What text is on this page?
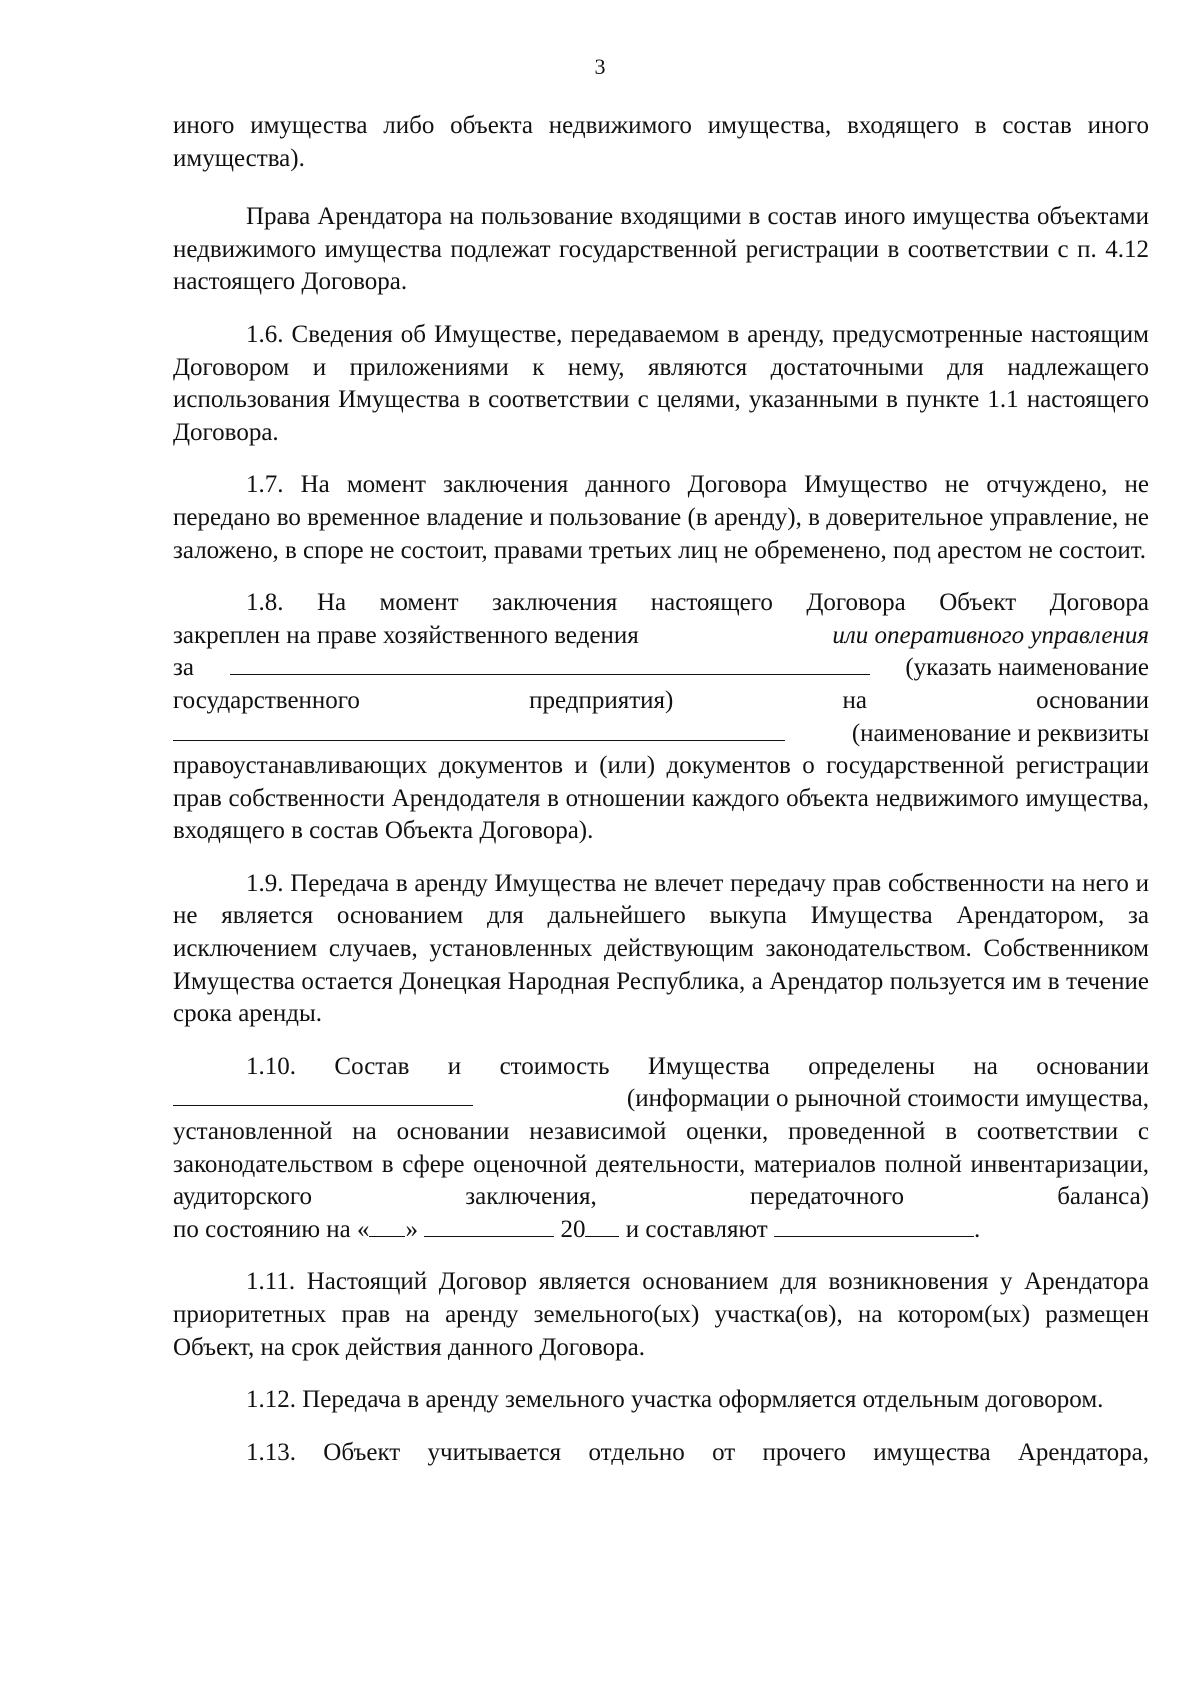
3

иного имущества либо объекта недвижимого имущества, входящего в состав иного имущества).

Права Арендатора на пользование входящими в состав иного имущества объектами недвижимого имущества подлежат государственной регистрации в соответствии с п. 4.12 настоящего Договора.

1.6. Сведения об Имуществе, передаваемом в аренду, предусмотренные настоящим Договором и приложениями к нему, являются достаточными для надлежащего использования Имущества в соответствии с целями, указанными в пункте 1.1 настоящего Договора.

1.7. На момент заключения данного Договора Имущество не отчуждено, не передано во временное владение и пользование (в аренду), в доверительное управление, не заложено, в споре не состоит, правами третьих лиц не обременено, под арестом не состоит.

1.8. На момент заключения настоящего Договора Объект Договора
закреплен на праве хозяйственного ведения	или оперативного управления
за	(указать наименование
государственного	предприятия)	на	основании
(наименование и реквизиты
правоустанавливающих документов и (или) документов о государственной регистрации прав собственности Арендодателя в отношении каждого объекта недвижимого имущества, входящего в состав Объекта Договора).

1.9. Передача в аренду Имущества не влечет передачу прав собственности на него и не является основанием для дальнейшего выкупа Имущества Арендатором, за исключением случаев, установленных действующим законодательством. Собственником Имущества остается Донецкая Народная Республика, а Арендатор пользуется им в течение срока аренды.

1.10. Состав и стоимость Имущества определены на основании
(информации о рыночной стоимости имущества,
установленной на основании независимой оценки, проведенной в соответствии с законодательством в сфере оценочной деятельности, материалов полной инвентаризации, аудиторского заключения, передаточного баланса)
по состоянию на « »	20 и составляют	.

1.11. Настоящий Договор является основанием для возникновения у Арендатора приоритетных прав на аренду земельного(ых) участка(ов), на котором(ых) размещен Объект, на срок действия данного Договора.

1.12. Передача в аренду земельного участка оформляется отдельным договором.

1.13. Объект учитывается отдельно от прочего имущества Арендатора,
